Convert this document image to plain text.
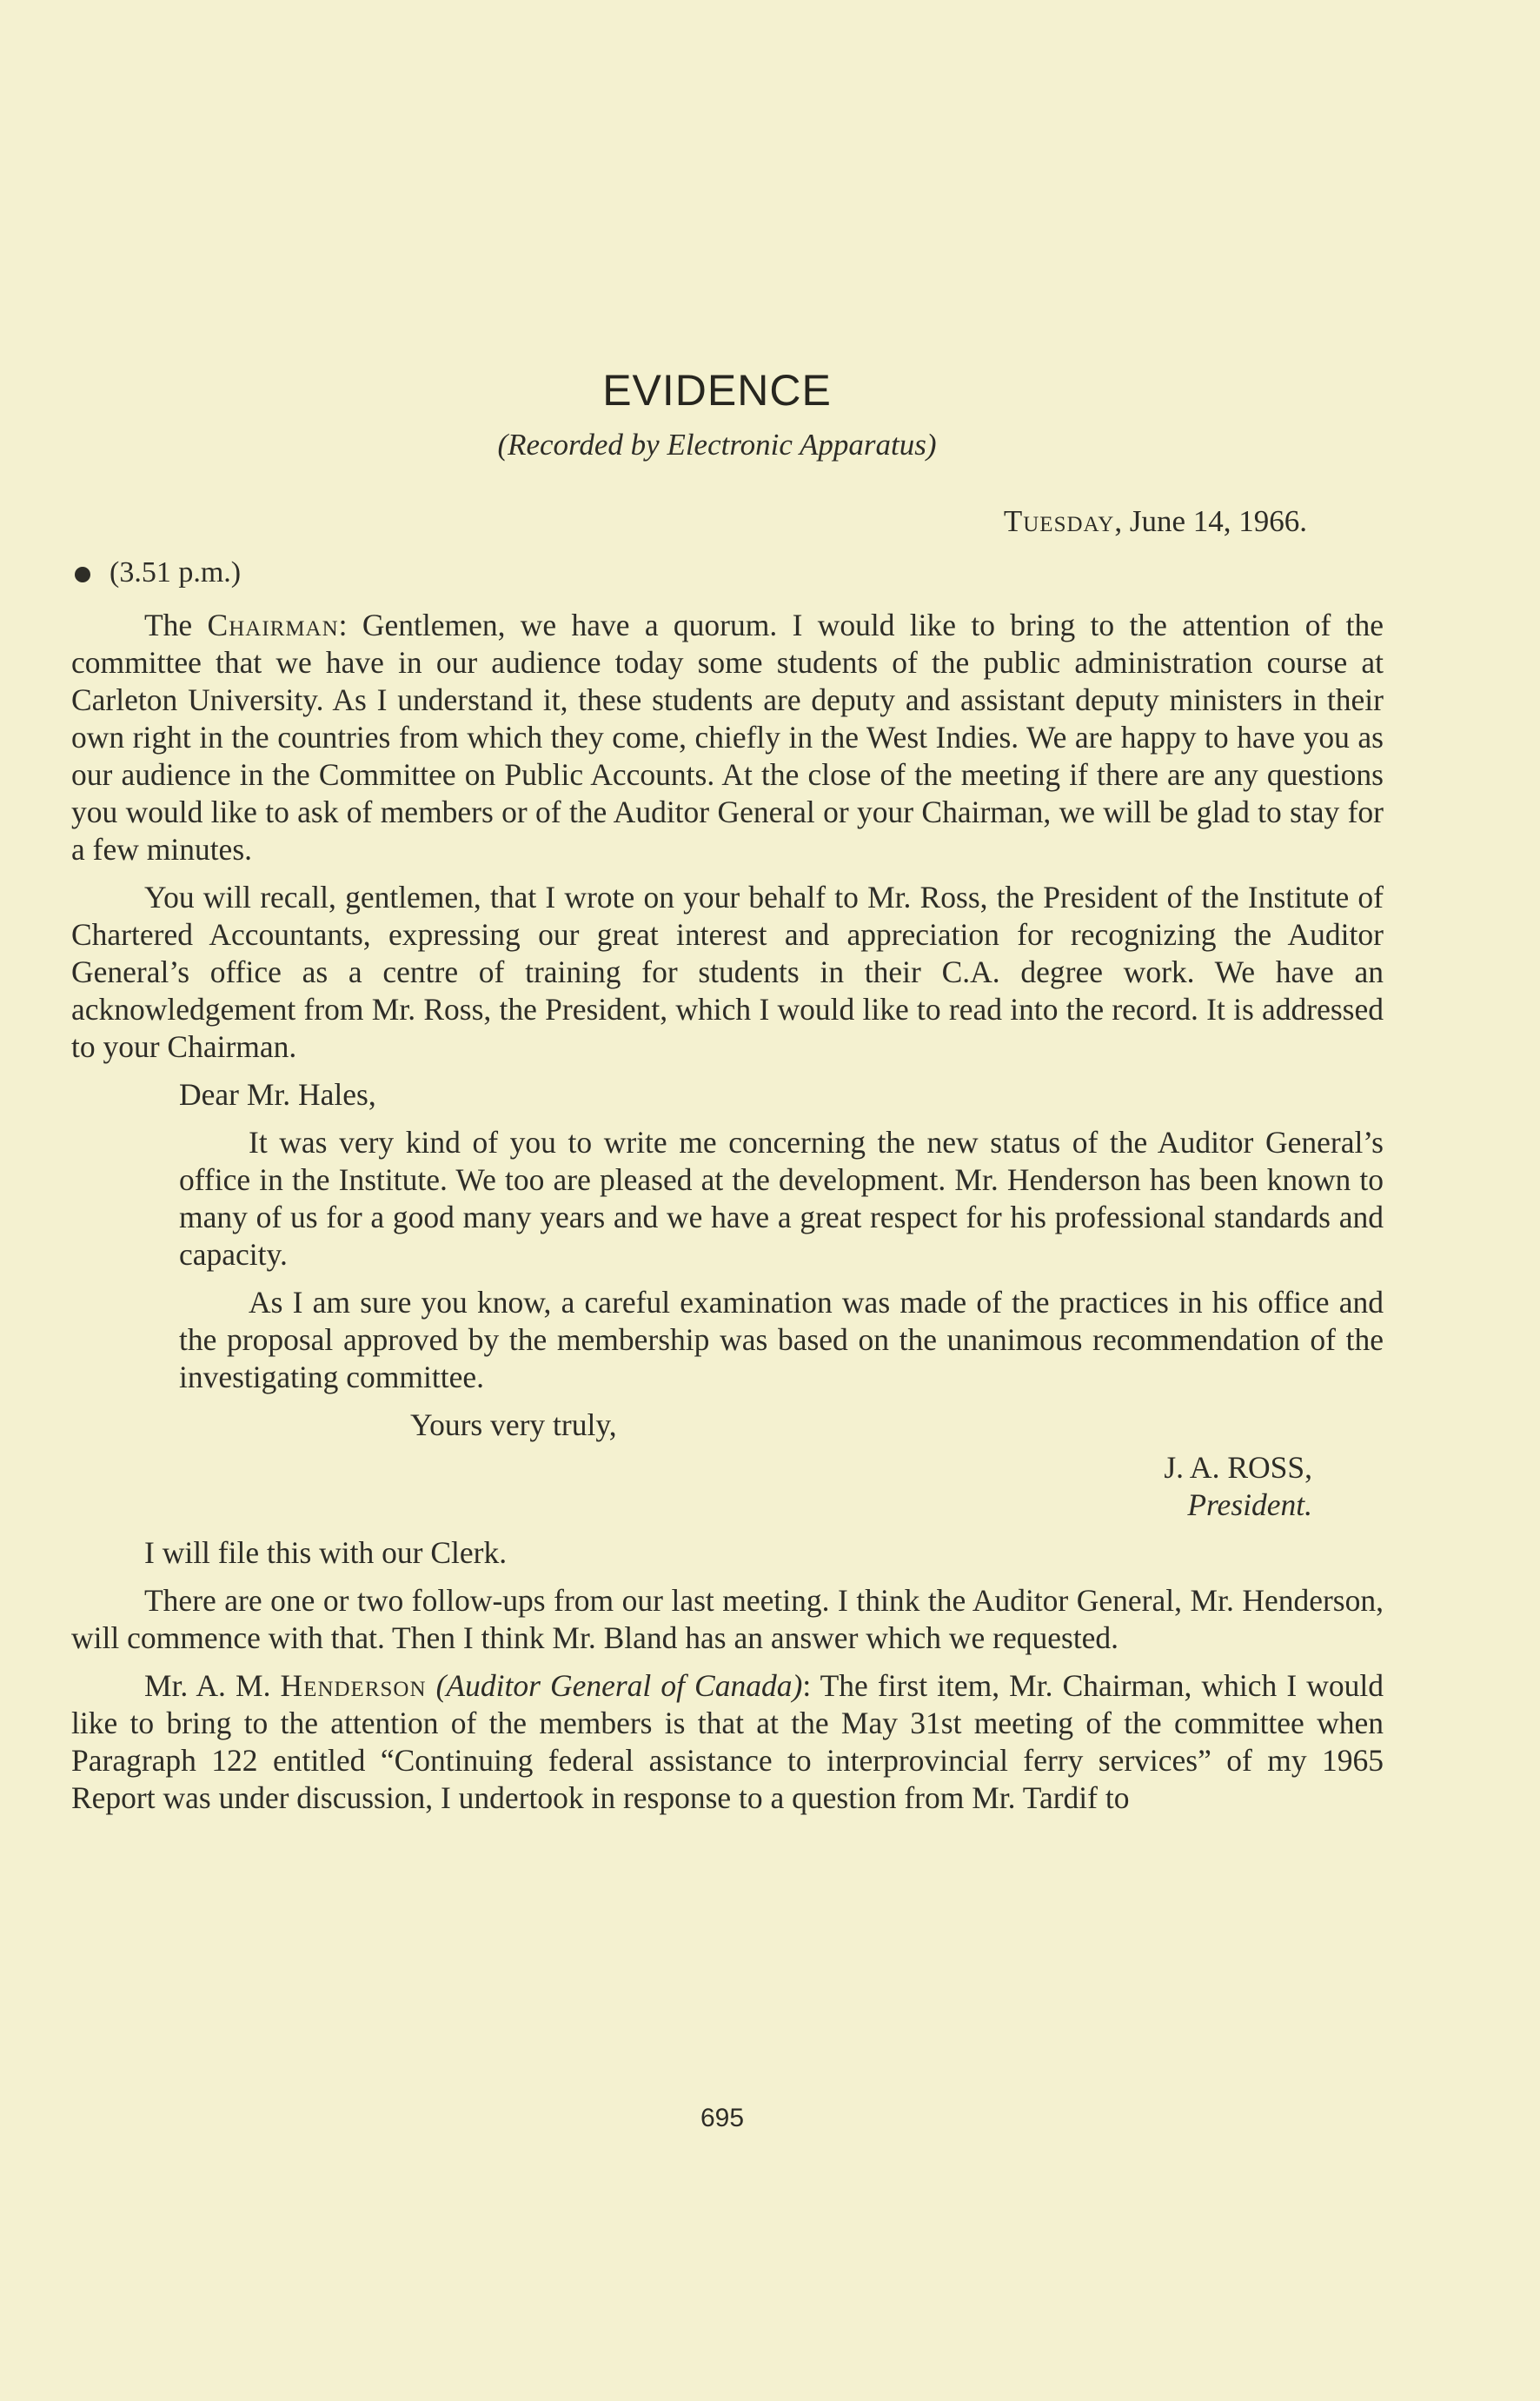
EVIDENCE
(Recorded by Electronic Apparatus)
Tuesday, June 14, 1966.
(3.51 p.m.)

The Chairman: Gentlemen, we have a quorum. I would like to bring to the attention of the committee that we have in our audience today some students of the public administration course at Carleton University. As I understand it, these students are deputy and assistant deputy ministers in their own right in the countries from which they come, chiefly in the West Indies. We are happy to have you as our audience in the Committee on Public Accounts. At the close of the meeting if there are any questions you would like to ask of members or of the Auditor General or your Chairman, we will be glad to stay for a few minutes.

You will recall, gentlemen, that I wrote on your behalf to Mr. Ross, the President of the Institute of Chartered Accountants, expressing our great interest and appreciation for recognizing the Auditor General’s office as a centre of training for students in their C.A. degree work. We have an acknowledgement from Mr. Ross, the President, which I would like to read into the record. It is addressed to your Chairman.

Dear Mr. Hales,

It was very kind of you to write me concerning the new status of the Auditor General’s office in the Institute. We too are pleased at the development. Mr. Henderson has been known to many of us for a good many years and we have a great respect for his professional standards and capacity.

As I am sure you know, a careful examination was made of the practices in his office and the proposal approved by the membership was based on the unanimous recommendation of the investigating committee.

Yours very truly,

J. A. ROSS,

President.

I will file this with our Clerk.

There are one or two follow-ups from our last meeting. I think the Auditor General, Mr. Henderson, will commence with that. Then I think Mr. Bland has an answer which we requested.

Mr. A. M. Henderson (Auditor General of Canada): The first item, Mr. Chairman, which I would like to bring to the attention of the members is that at the May 31st meeting of the committee when Paragraph 122 entitled “Continuing federal assistance to interprovincial ferry services” of my 1965 Report was under discussion, I undertook in response to a question from Mr. Tardif to

695
